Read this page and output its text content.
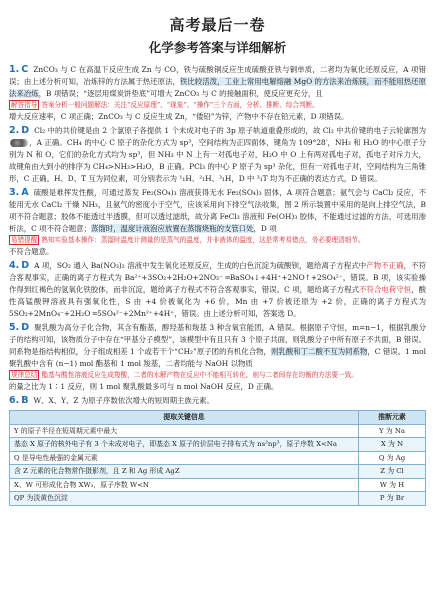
高考最后一卷
化学参考答案与详细解析
1. C ZnCO₃ 与 C 在高温下反应生成 Zn 与 CO，铁与硫酸铜反应生成硫酸亚铁与铜单质，二者均为氧化还原反应，A 项错误；由上述分析可知，冶炼锌的方法属于热还原法，铁比较活泼，工业上常用电解熔融 MgO 的方法来冶炼镁，而不能用热还原法来冶炼，B 项错误；“逐层用煤炭饼垫底”可增大 ZnCO₃ 与 C 的接触面积，使反应更充分，且
解答指导 答案分析一般问题解法：关注“反应原理”、“现象”、“操作”三个方面，分析、推断、综合判断。
增大反应速率，C 项正确；ZnCO₃ 与 C 反应生成 Zn，“倭铅”为锌，产物中不存在铅元素，D 项错误。
2. D Cl₂ 中的共价键是由 2 个氯原子各提供 1 个未成对电子的 3p 原子轨道重叠形成的，故 Cl₂ 中共价键的电子云轮廓图为，A 正确。CH₄ 的中心 C 原子的杂化方式为 sp³，空间结构为正四面体，键角为 109°28′，NH₃ 和 H₂O 的中心原子分别为 N 和 O，它们的杂化方式均为 sp³，但 NH₃ 中 N 上有一对孤电子对，H₂O 中 O 上有两对孤电子对，孤电子对斥力大，故键角由大到小的排序为 CH₄>NH₃>H₂O，B 正确。PCl₃ 的中心 P 原子为 sp³ 杂化，但有一对孤电子对，空间结构为三角锥形，C 正确。H、D、T 互为同位素，可分别表示为 ¹₁H、²₁H、³₁H，D 中 ³₁T 均为不正确的表达方式，D 错误。
3. A 硫酸是难挥发性酸，可通过蒸发 Fe₂(SO₄)₃ 溶液获得无水 Fe₂(SO₄)₃ 固体，A 项符合题意；氨气会与 CaCl₂ 反应，不能用无水 CaCl₂ 干燥 NH₃，且氨气的密度小于空气，应该采用向下排空气法收集，图 2 所示装置中采用的是向上排空气法，B 项不符合题意；胶体不能透过半透膜，但可以透过滤纸，故分离 FeCl₃ 溶液和 Fe(OH)₃ 胶体，不能通过过滤的方法，可选用渗析法，C 项不符合题意；蒸馏时，温度计液泡应放置在蒸馏烧瓶的支管口处，D 项
易错提醒 熟知实验基本操作：蒸馏时温度计测量的是蒸气的温度，并非液体的温度，这是常考易错点，务必要理清细节。
不符合题意。
4. D A 项，SO₂ 通入 Ba(NO₃)₂ 溶液中发生氧化还原反应，生成的白色沉淀为硫酸钡，题给离子方程式中产物不正确，不符合客观事实，正确的离子方程式为 Ba²⁺+3SO₂+2H₂O+2NO₃⁻ ═BaSO₄↓+4H⁺+2NO↑+2SO₄²⁻，错误。B 项，该实验操作得到红褐色的氢氧化铁胶体，而非沉淀，题给离子方程式不符合客观事实，错误。C 项，题给离子方程式不符合电荷守恒，酸性高锰酸钾溶液具有强氧化性，S 由 +4 价被氧化为 +6 价，Mn 由 +7 价被还原为 +2 价，正确的离子方程式为 5SO₂+2MnO₄⁻+2H₂O ═5SO₄²⁻+2Mn²⁺+4H⁺，错误。由上述分析可知，答案选 D。
5. D 聚乳酸为高分子化合物，其含有酯基，醇羟基和羧基 3 种含氧官能团，A 错误。根据原子守恒，m=n−1，根据乳酸分子的结构可知，该物质分子中存在“甲基分子模型”，该模型中有且只有 3 个原子共面，则乳酸分子中所有原子不共面，B 错误。同系物是指结构相似，分子组成相差 1 个或若干个“CH₂”原子团的有机化合物，则乳酸和丁二酸不互为同系物，C 错误。1 mol 聚乳酸中含有 (n−1) mol 酯基和 1 mol 羧基，二者均能与 NaOH 以物质
规律总结 酯基与酸性溶液反应生成羧酸，二者的水解产物在反应中不能相互转化，则与二者间存在均衡的方法要一致。
的量之比为 1∶1 反应，则 1 mol 聚乳酸最多可与 n mol NaOH 反应，D 正确。
6. B W、X、Y、Z 为原子序数依次增大的短周期主族元素。
提取关键信息	推断元素
Y 的原子半径在短周期元素中最大	Y 为 Na
基态 X 原子的核外电子有 3 个未成对电子，即基态 X 原子的价层电子排布式为 ns²np³，原子序数 X<Na	X 为 N
Q 是导电性最强的金属元素	Q 为 Ag
含 Z 元素的化合物常作摄影剂，且 Z 和 Ag 形成 AgZ	Z 为 Cl
X、W 可形成化合物 XW₃，原子序数 W<N	W 为 H
QP 为淡黄色沉淀	P 为 Br
